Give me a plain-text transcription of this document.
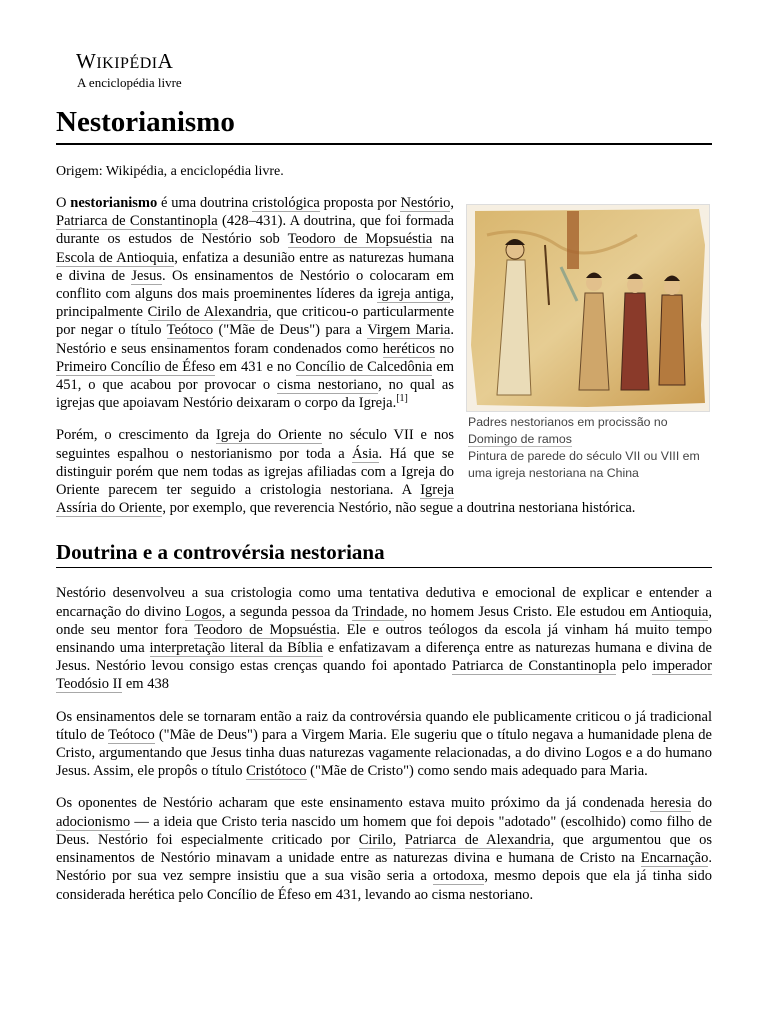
WIKIPÉDIA
A enciclopédia livre
Nestorianismo
Origem: Wikipédia, a enciclopédia livre.
Padres nestorianos em procissão no
Domingo de ramos
Pintura de parede do século VII ou VIII em uma igreja nestoriana na China

O nestorianismo é uma doutrina cristológica proposta por Nestório, Patriarca de Constantinopla (428–431). A doutrina, que foi formada durante os estudos de Nestório sob Teodoro de Mopsuéstia na Escola de Antioquia, enfatiza a desunião entre as naturezas humana e divina de Jesus. Os ensinamentos de Nestório o colocaram em conflito com alguns dos mais proeminentes líderes da igreja antiga, principalmente Cirilo de Alexandria, que criticou-o particularmente por negar o título Teótoco ("Mãe de Deus") para a Virgem Maria. Nestório e seus ensinamentos foram condenados como heréticos no Primeiro Concílio de Éfeso em 431 e no Concílio de Calcedônia em 451, o que acabou por provocar o cisma nestoriano, no qual as igrejas que apoiavam Nestório deixaram o corpo da Igreja.[1]

Porém, o crescimento da Igreja do Oriente no século VII e nos seguintes espalhou o nestorianismo por toda a Ásia. Há que se distinguir porém que nem todas as igrejas afiliadas com a Igreja do Oriente parecem ter seguido a cristologia nestoriana. A Igreja Assíria do Oriente, por exemplo, que reverencia Nestório, não segue a doutrina nestoriana histórica.

Doutrina e a controvérsia nestoriana

Nestório desenvolveu a sua cristologia como uma tentativa dedutiva e emocional de explicar e entender a encarnação do divino Logos, a segunda pessoa da Trindade, no homem Jesus Cristo. Ele estudou em Antioquia, onde seu mentor fora Teodoro de Mopsuéstia. Ele e outros teólogos da escola já vinham há muito tempo ensinando uma interpretação literal da Bíblia e enfatizavam a diferença entre as naturezas humana e divina de Jesus. Nestório levou consigo estas crenças quando foi apontado Patriarca de Constantinopla pelo imperador Teodósio II em 438

Os ensinamentos dele se tornaram então a raiz da controvérsia quando ele publicamente criticou o já tradicional título de Teótoco ("Mãe de Deus") para a Virgem Maria. Ele sugeriu que o título negava a humanidade plena de Cristo, argumentando que Jesus tinha duas naturezas vagamente relacionadas, a do divino Logos e a do humano Jesus. Assim, ele propôs o título Cristótoco ("Mãe de Cristo") como sendo mais adequado para Maria.

Os oponentes de Nestório acharam que este ensinamento estava muito próximo da já condenada heresia do adocionismo — a ideia que Cristo teria nascido um homem que foi depois "adotado" (escolhido) como filho de Deus. Nestório foi especialmente criticado por Cirilo, Patriarca de Alexandria, que argumentou que os ensinamentos de Nestório minavam a unidade entre as naturezas divina e humana de Cristo na Encarnação. Nestório por sua vez sempre insistiu que a sua visão seria a ortodoxa, mesmo depois que ela já tinha sido considerada herética pelo Concílio de Éfeso em 431, levando ao cisma nestoriano.
